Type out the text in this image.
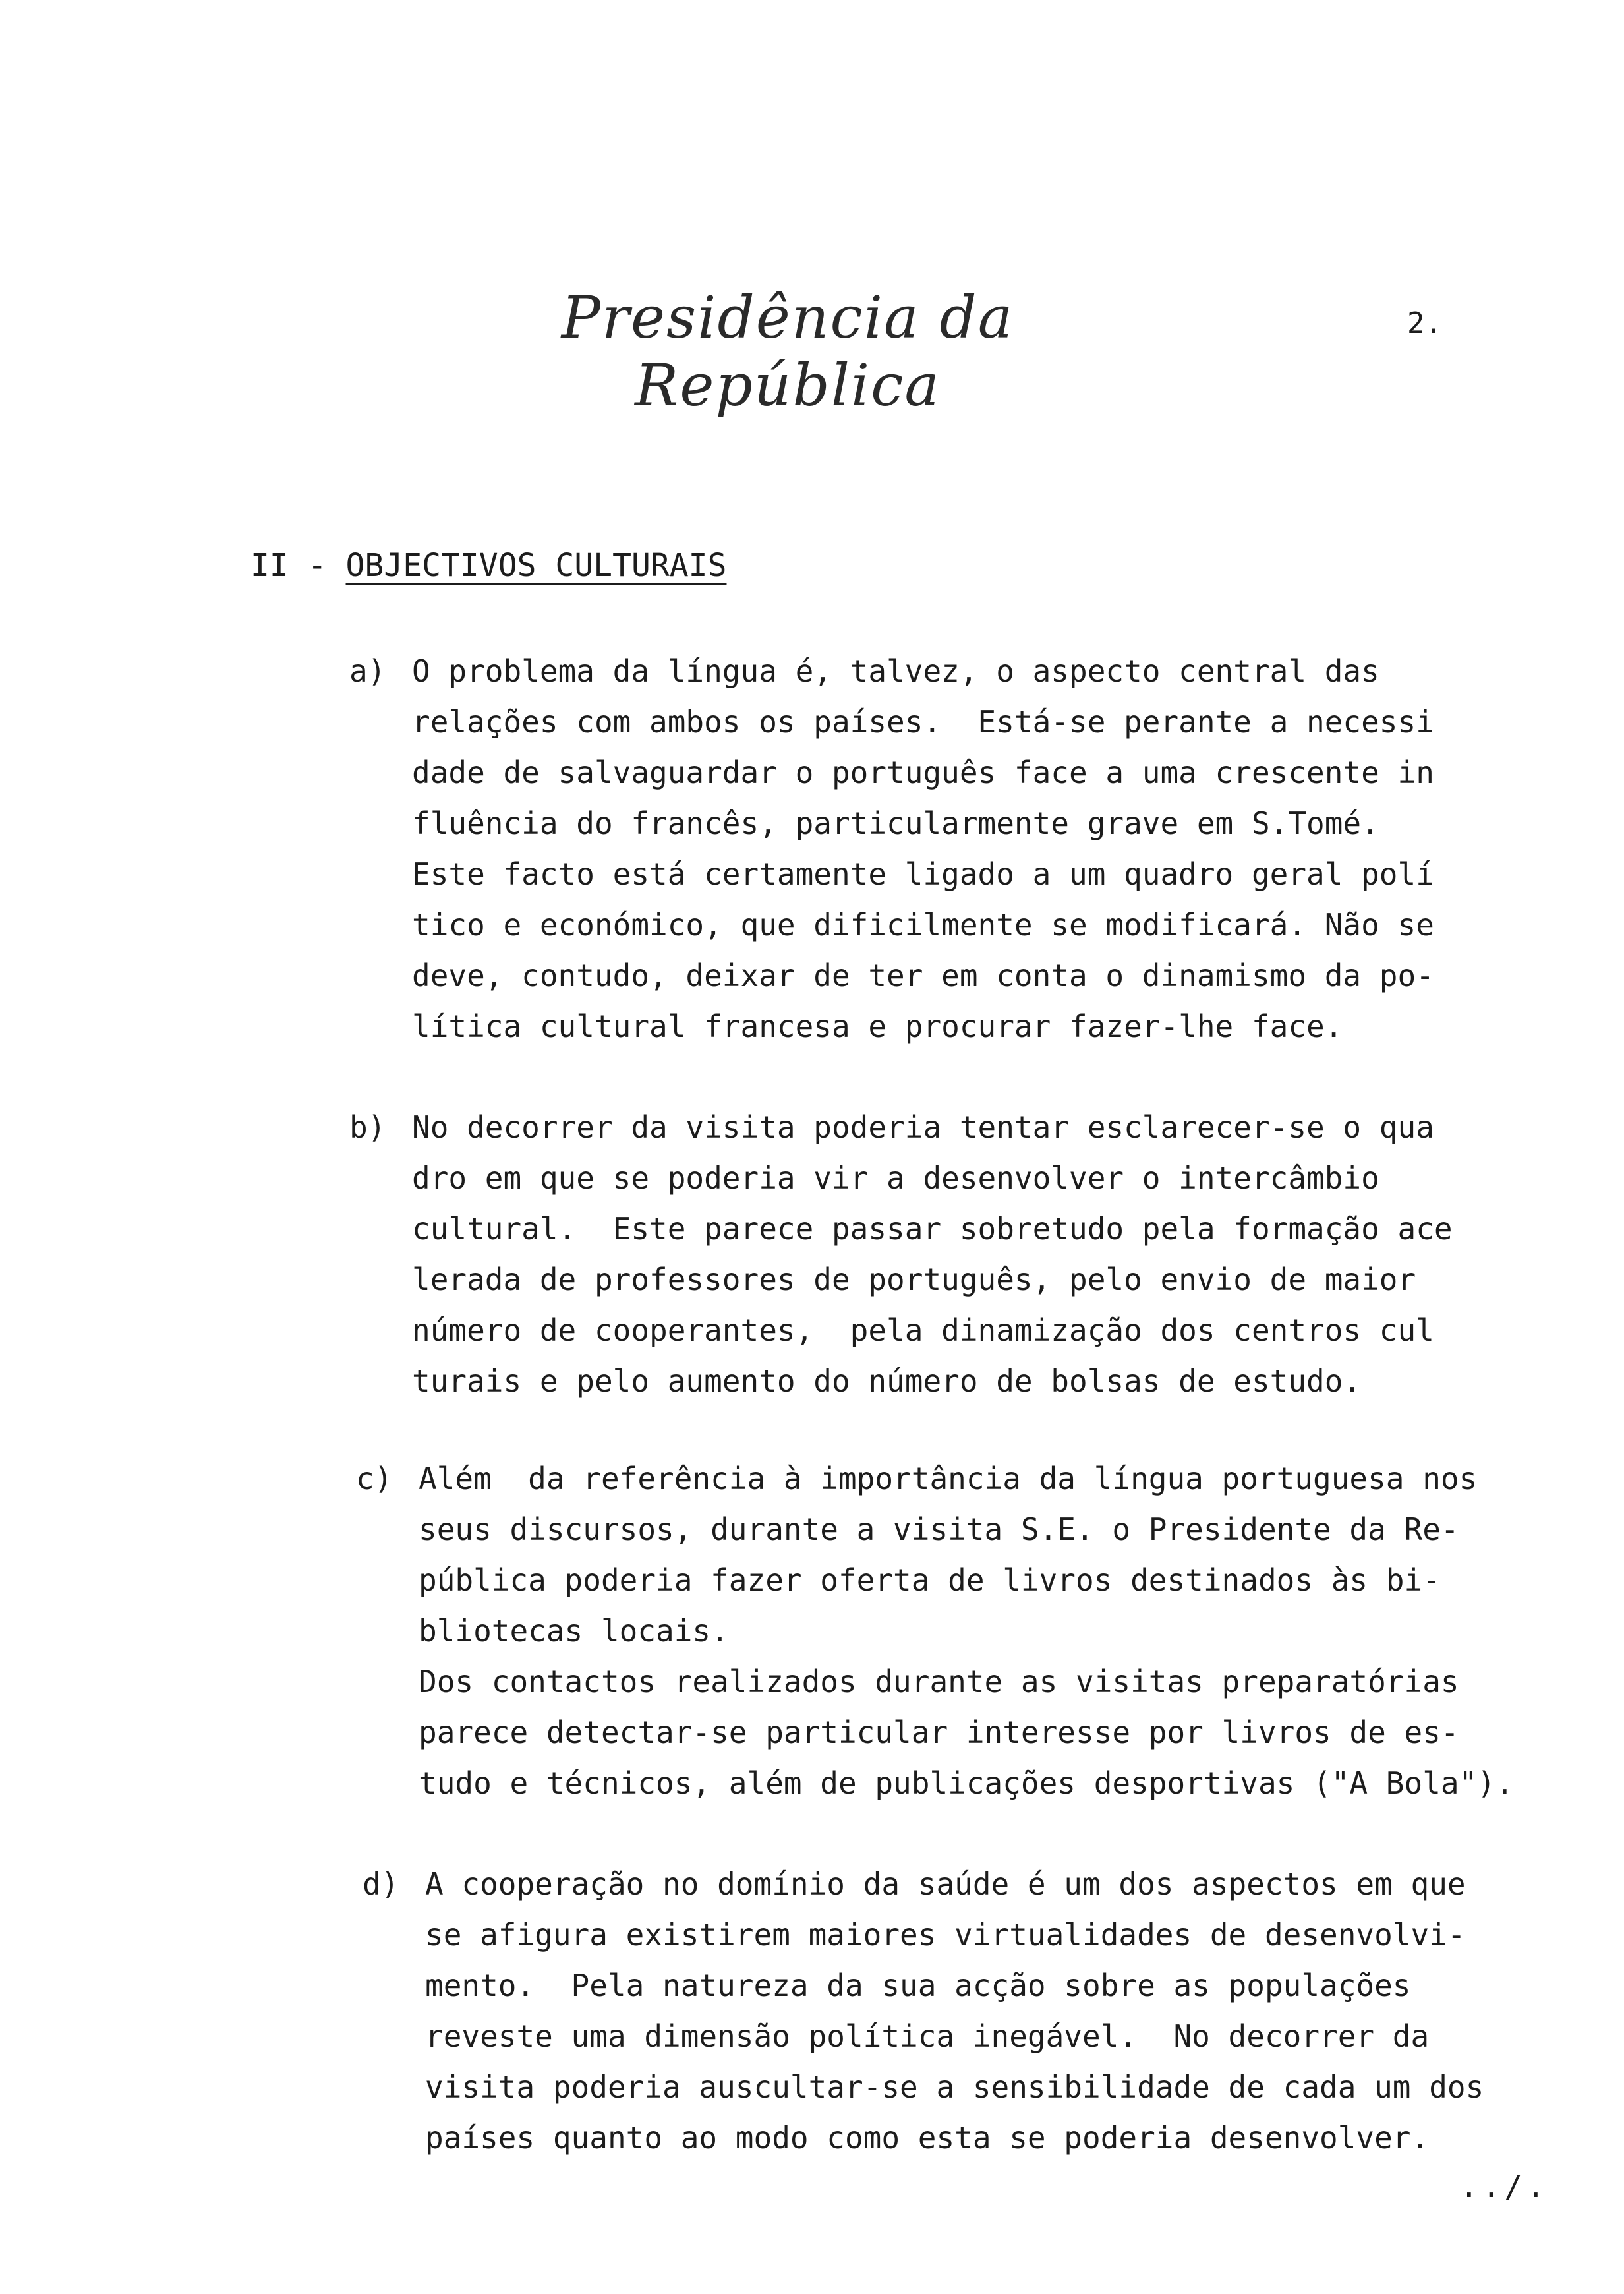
Presidência da República
2.
II - OBJECTIVOS CULTURAIS
a) O problema da língua é, talvez, o aspecto central das
relações com ambos os países.  Está-se perante a necessi
dade de salvaguardar o português face a uma crescente in
fluência do francês, particularmente grave em S.Tomé.
Este facto está certamente ligado a um quadro geral polí
tico e económico, que dificilmente se modificará. Não se
deve, contudo, deixar de ter em conta o dinamismo da po-
lítica cultural francesa e procurar fazer-lhe face.
b) No decorrer da visita poderia tentar esclarecer-se o qua
dro em que se poderia vir a desenvolver o intercâmbio
cultural.  Este parece passar sobretudo pela formação ace
lerada de professores de português, pelo envio de maior
número de cooperantes,  pela dinamização dos centros cul
turais e pelo aumento do número de bolsas de estudo.
c) Além  da referência à importância da língua portuguesa nos
seus discursos, durante a visita S.E. o Presidente da Re-
pública poderia fazer oferta de livros destinados às bi-
bliotecas locais.
Dos contactos realizados durante as visitas preparatórias
parece detectar-se particular interesse por livros de es-
tudo e técnicos, além de publicações desportivas ("A Bola").
d) A cooperação no domínio da saúde é um dos aspectos em que
se afigura existirem maiores virtualidades de desenvolvi-
mento.  Pela natureza da sua acção sobre as populações
reveste uma dimensão política inegável.  No decorrer da
visita poderia auscultar-se a sensibilidade de cada um dos
países quanto ao modo como esta se poderia desenvolver.
../.
